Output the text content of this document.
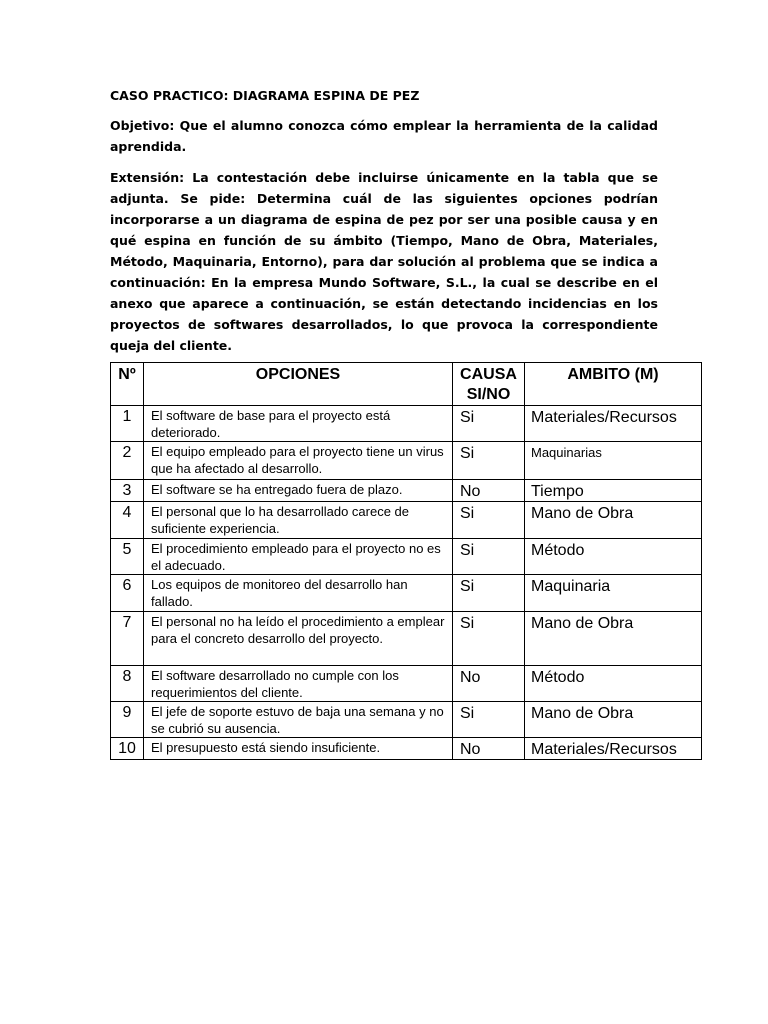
CASO PRACTICO: DIAGRAMA ESPINA DE PEZ
Objetivo: Que el alumno conozca cómo emplear la herramienta de la calidad aprendida.
Extensión: La contestación debe incluirse únicamente en la tabla que se adjunta. Se pide: Determina cuál de las siguientes opciones podrían incorporarse a un diagrama de espina de pez por ser una posible causa y en qué espina en función de su ámbito (Tiempo, Mano de Obra, Materiales, Método, Maquinaria, Entorno), para dar solución al problema que se indica a continuación: En la empresa Mundo Software, S.L., la cual se describe en el anexo que aparece a continuación, se están detectando incidencias en los proyectos de softwares desarrollados, lo que provoca la correspondiente queja del cliente.
Nº	OPCIONES	CAUSA SI/NO	AMBITO (M)
1	El software de base para el proyecto está deteriorado.	Si	Materiales/Recursos
2	El equipo empleado para el proyecto tiene un virus que ha afectado al desarrollo.	Si	Maquinarias
3	El software se ha entregado fuera de plazo.	No	Tiempo
4	El personal que lo ha desarrollado carece de suficiente experiencia.	Si	Mano de Obra
5	El procedimiento empleado para el proyecto no es el adecuado.	Si	Método
6	Los equipos de monitoreo del desarrollo han fallado.	Si	Maquinaria
7	El personal no ha leído el procedimiento a emplear para el concreto desarrollo del proyecto.	Si	Mano de Obra
8	El software desarrollado no cumple con los requerimientos del cliente.	No	Método
9	El jefe de soporte estuvo de baja una semana y no se cubrió su ausencia.	Si	Mano de Obra
10	El presupuesto está siendo insuficiente.	No	Materiales/Recursos
